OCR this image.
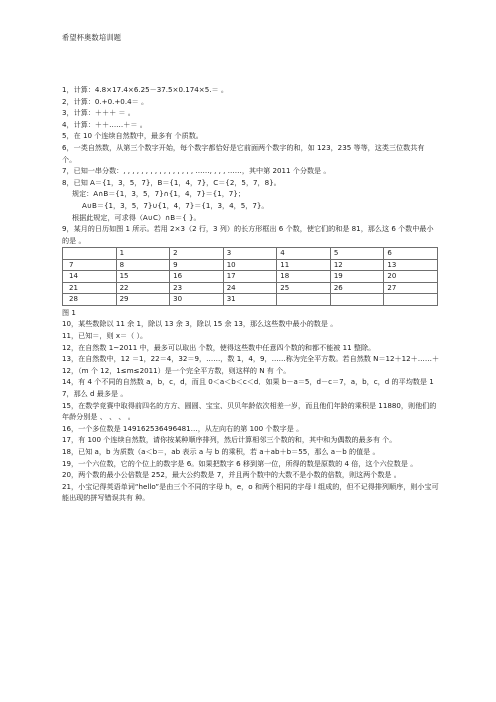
希望杯奥数培训题

1，计算：4.8×17.4×6.25－37.5×0.174×5.＝ 。

2，计算：0.+0.+0.4＝ 。

3，计算：＋＋＋ ＝ 。

4，计算：＋＋……＋＝ 。

5，在 10 个连续自然数中，最多有 个质数。

6，一类自然数，从第三个数字开始，每个数字都恰好是它前面两个数字的和，如 123，235 等等，这类三位数共有 个。

7，已知一串分数：, , , , , , , , , , , , , , , , ……, , , , ……，其中第 2011 个分数是 。

8，已知 A＝{1，3，5，7}，B＝{1，4，7}，C＝{2，5，7，8}。

规定：A∩B＝{1，3，5，7}∩{1，4，7}＝{1，7}；

A∪B＝{1，3，5，7}∪{1，4，7}＝{1，3，4，5，7}。

根据此规定，可求得（A∪C）∩B＝{ }。

9，某月的日历如图 1 所示。若用 2×3（2 行，3 列）的长方形框出 6 个数，使它们的和是 81，那么这 6 个数中最小的是 。

	1	2	3	4	5	6
7	8	9	10	11	12	13
14	15	16	17	18	19	20
21	22	23	24	25	26	27
28	29	30	31			

图 1

10，某些数除以 11 余 1，除以 13 余 3，除以 15 余 13，那么这些数中最小的数是 。

11，已知＝，则 x＝（ ）。

12，在自然数 1~2011 中，最多可以取出 个数，使得这些数中任意四个数的和都不能被 11 整除。

13，在自然数中，12 ＝1，22＝4，32＝9，……，数 1，4，9，……称为完全平方数。若自然数 N＝12＋12＋……＋12，（m 个 12，1≤m≤2011）是一个完全平方数，则这样的 N 有 个。

14，有 4 个不同的自然数 a，b，c，d，而且 0＜a＜b＜c＜d．如果 b－a＝5，d－c＝7，a，b，c，d 的平均数是 17，那么 d 最多是 。

15，在数学竞赛中取得前四名的方方、圆圆、宝宝、贝贝年龄依次相差一岁，而且他们年龄的乘积是 11880，则他们的年龄分别是 、 、 、 。

16，一个多位数是 149162536496481…，从左向右的第 100 个数字是 。

17，有 100 个连续自然数，请你按某种顺序排列，然后计算相邻三个数的和，其中和为偶数的最多有 个。

18，已知 a，b 为质数（a＜b＝，ab 表示 a 与 b 的乘积，若 a＋ab＋b＝55，那么 a－b 的值是 。

19，一个六位数，它的个位上的数字是 6。如果把数字 6 移到第一位，所得的数是原数的 4 倍，这个六位数是 。

20，两个数的最小公倍数是 252，最大公约数是 7，并且两个数中的大数不是小数的倍数，则这两个数是 。

21，小宝记得英语单词“hello”是由三个不同的字母 h，e，o 和两个相同的字母 l 组成的，但不记得排列顺序，则小宝可能出现的拼写错误共有 种。
